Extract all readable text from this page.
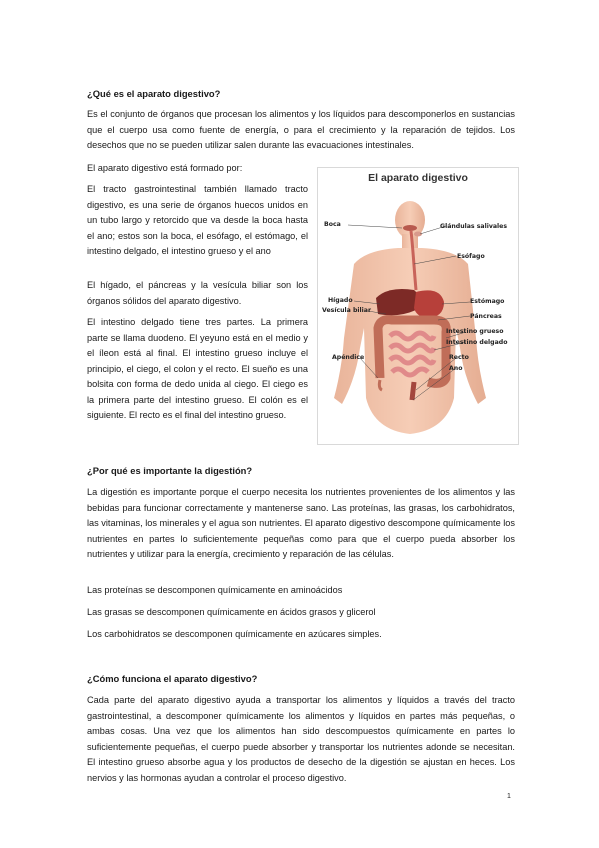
¿Qué es el aparato digestivo?
Es el conjunto de órganos que procesan los alimentos y los líquidos para descomponerlos en sustancias que el cuerpo usa como fuente de energía, o para el crecimiento y la reparación de tejidos. Los desechos que no se pueden utilizar salen durante las evacuaciones intestinales.
El aparato digestivo está formado por:
El tracto gastrointestinal también llamado tracto digestivo, es una serie de órganos huecos unidos en un tubo largo y retorcido que va desde la boca hasta el ano; estos son la boca, el esófago, el estómago, el intestino delgado, el intestino grueso y el ano
El hígado, el páncreas y la vesícula biliar son los órganos sólidos del aparato digestivo.
El intestino delgado tiene tres partes. La primera parte se llama duodeno. El yeyuno está en el medio y el íleon está al final. El intestino grueso incluye el principio, el ciego, el colon y el recto. El sueño es una bolsita con forma de dedo unida al ciego. El ciego es la primera parte del intestino grueso. El colón es el siguiente. El recto es el final del intestino grueso.
El aparato digestivo
Boca	Glándulas salivales
Esófago
Hígado
Vesícula biliar
Estómago
Páncreas
Intestino grueso
Intestino delgado
Apéndice	Recto
Ano
¿Por qué es importante la digestión?
La digestión es importante porque el cuerpo necesita los nutrientes provenientes de los alimentos y las bebidas para funcionar correctamente y mantenerse sano. Las proteínas, las grasas, los carbohidratos, las vitaminas, los minerales y el agua son nutrientes. El aparato digestivo descompone químicamente los nutrientes en partes lo suficientemente pequeñas como para que el cuerpo pueda absorber los nutrientes y utilizar para la energía, crecimiento y reparación de las células.
Las proteínas se descomponen químicamente en aminoácidos
Las grasas se descomponen químicamente en ácidos grasos y glicerol
Los carbohidratos se descomponen químicamente en azúcares simples.
¿Cómo funciona el aparato digestivo?
Cada parte del aparato digestivo ayuda a transportar los alimentos y líquidos a través del tracto gastrointestinal, a descomponer químicamente los alimentos y líquidos en partes más pequeñas, o ambas cosas. Una vez que los alimentos han sido descompuestos químicamente en partes lo suficientemente pequeñas, el cuerpo puede absorber y transportar los nutrientes adonde se necesitan. El intestino grueso absorbe agua y los productos de desecho de la digestión se ajustan en heces. Los nervios y las hormonas ayudan a controlar el proceso digestivo.
1
